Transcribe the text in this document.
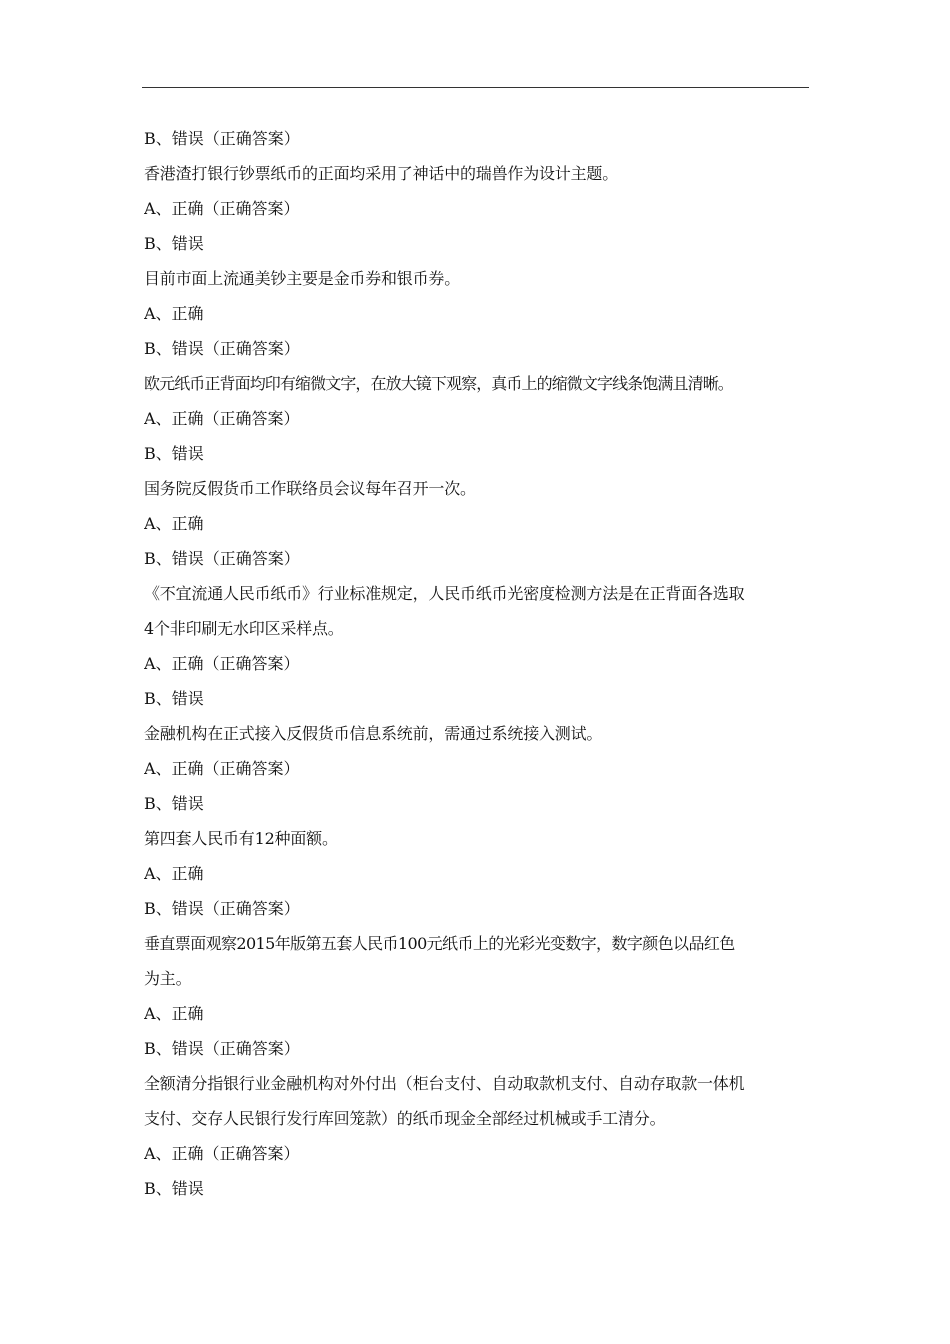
B、错误（正确答案）
香港渣打银行钞票纸币的正面均采用了神话中的瑞兽作为设计主题。
A、正确（正确答案）
B、错误
目前市面上流通美钞主要是金币券和银币券。
A、正确
B、错误（正确答案）
欧元纸币正背面均印有缩微文字，在放大镜下观察，真币上的缩微文字线条饱满且清晰。
A、正确（正确答案）
B、错误
国务院反假货币工作联络员会议每年召开一次。
A、正确
B、错误（正确答案）
《不宜流通人民币纸币》行业标准规定，人民币纸币光密度检测方法是在正背面各选取
4个非印刷无水印区采样点。
A、正确（正确答案）
B、错误
金融机构在正式接入反假货币信息系统前，需通过系统接入测试。
A、正确（正确答案）
B、错误
第四套人民币有12种面额。
A、正确
B、错误（正确答案）
垂直票面观察2015年版第五套人民币100元纸币上的光彩光变数字，数字颜色以品红色
为主。
A、正确
B、错误（正确答案）
全额清分指银行业金融机构对外付出（柜台支付、自动取款机支付、自动存取款一体机
支付、交存人民银行发行库回笼款）的纸币现金全部经过机械或手工清分。
A、正确（正确答案）
B、错误
